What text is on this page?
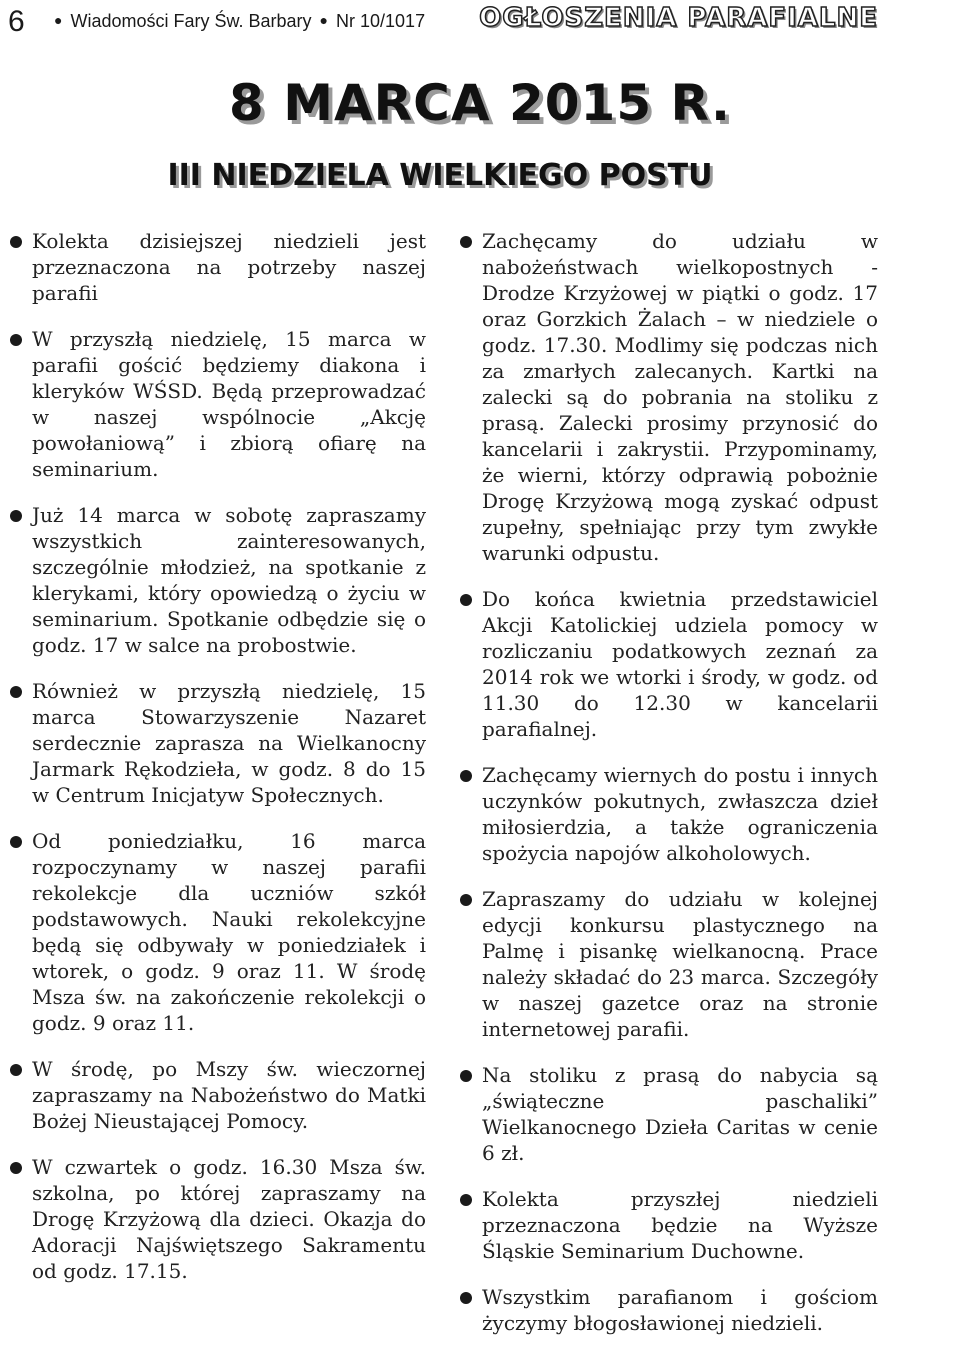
6	● Wiadomości Fary Św. Barbary ● Nr 10/1017 OGŁOSZENIA PARAFIALNE
8 MARCA 2015 R.
III NIEDZIELA WIELKIEGO POSTU
Kolekta dzisiejszej niedzieli jest przeznaczona na potrzeby naszej parafii
W przyszłą niedzielę, 15 marca w parafii gościć będziemy diakona i kleryków WŚSD. Będą przeprowadzać w naszej wspólnocie „Akcję powołaniową” i zbiorą ofiarę na seminarium.
Już 14 marca w sobotę zapraszamy wszystkich zainteresowanych, szczególnie młodzież, na spotkanie z klerykami, który opowiedzą o życiu w seminarium. Spotkanie odbędzie się o godz. 17 w salce na probostwie.
Również w przyszłą niedzielę, 15 marca Stowarzyszenie Nazaret serdecznie zaprasza na Wielkanocny Jarmark Rękodzieła, w godz. 8 do 15 w Centrum Inicjatyw Społecznych.
Od poniedziałku, 16 marca rozpoczynamy w naszej parafii rekolekcje dla uczniów szkół podstawowych. Nauki rekolekcyjne będą się odbywały w poniedziałek i wtorek, o godz. 9 oraz 11. W środę Msza św. na zakończenie rekolekcji o godz. 9 oraz 11.
W środę, po Mszy św. wieczornej zapraszamy na Nabożeństwo do Matki Bożej Nieustającej Pomocy.
W czwartek o godz. 16.30 Msza św. szkolna, po której zapraszamy na Drogę Krzyżową dla dzieci. Okazja do Adoracji Najświętszego Sakramentu od godz. 17.15.
Zachęcamy do udziału w nabożeństwach wielkopostnych - Drodze Krzyżowej w piątki o godz. 17 oraz Gorzkich Żalach – w niedziele o godz. 17.30. Modlimy się podczas nich za zmarłych zalecanych. Kartki na zalecki są do pobrania na stoliku z prasą. Zalecki prosimy przynosić do kancelarii i zakrystii. Przypominamy, że wierni, którzy odprawią pobożnie Drogę Krzyżową mogą zyskać odpust zupełny, spełniając przy tym zwykłe warunki odpustu.
Do końca kwietnia przedstawiciel Akcji Katolickiej udziela pomocy w rozliczaniu podatkowych zeznań za 2014 rok we wtorki i środy, w godz. od 11.30 do 12.30 w kancelarii parafialnej.
Zachęcamy wiernych do postu i innych uczynków pokutnych, zwłaszcza dzieł miłosierdzia, a także ograniczenia spożycia napojów alkoholowych.
Zapraszamy do udziału w kolejnej edycji konkursu plastycznego na Palmę i pisankę wielkanocną. Prace należy składać do 23 marca. Szczegóły w naszej gazetce oraz na stronie internetowej parafii.
Na stoliku z prasą do nabycia są „świąteczne paschaliki” Wielkanocnego Dzieła Caritas w cenie 6 zł.
Kolekta przyszłej niedzieli przeznaczona będzie na Wyższe Śląskie Seminarium Duchowne.
Wszystkim parafianom i gościom życzymy błogosławionej niedzieli.
